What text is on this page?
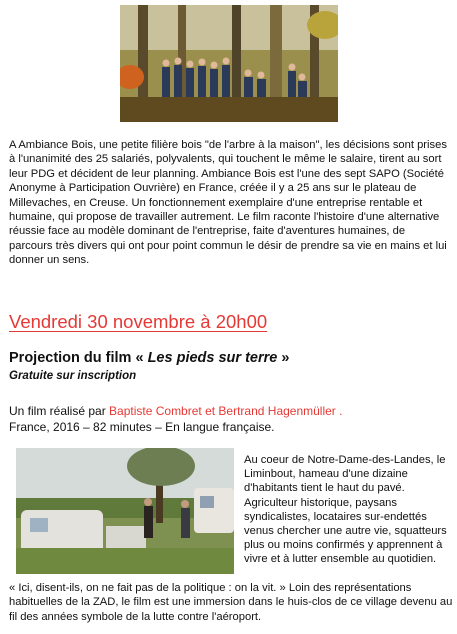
A Ambiance Bois, une petite filière bois "de l'arbre à la maison", les décisions sont prises à l'unanimité des 25 salariés, polyvalents, qui touchent le même le salaire, tirent au sort leur PDG et décident de leur planning. Ambiance Bois est l'une des sept SAPO (Société Anonyme à Participation Ouvrière) en France, créée il y a 25 ans sur le plateau de Millevaches, en Creuse. Un fonctionnement exemplaire d'une entreprise rentable et humaine, qui propose de travailler autrement. Le film raconte l'histoire d'une alternative réussie face au modèle dominant de l'entreprise, faite d'aventures humaines, de parcours très divers qui ont pour point commun le désir de prendre sa vie en mains et lui donner un sens.
Vendredi 30 novembre à 20h00
Projection du film « Les pieds sur terre »
Gratuite sur inscription
Un film réalisé par Baptiste Combret et Bertrand Hagenmüller .
France, 2016 – 82 minutes – En langue française.
Au coeur de Notre-Dame-des-Landes, le Liminbout, hameau d'une dizaine d'habitants tient le haut du pavé. Agriculteur historique, paysans syndicalistes, locataires sur-endettés venus chercher une autre vie, squatteurs plus ou moins confirmés y apprennent à vivre et à lutter ensemble au quotidien.
« Ici, disent-ils, on ne fait pas de la politique : on la vit. » Loin des représentations habituelles de la ZAD, le film est une immersion dans le huis-clos de ce village devenu au fil des années symbole de la lutte contre l'aéroport.
